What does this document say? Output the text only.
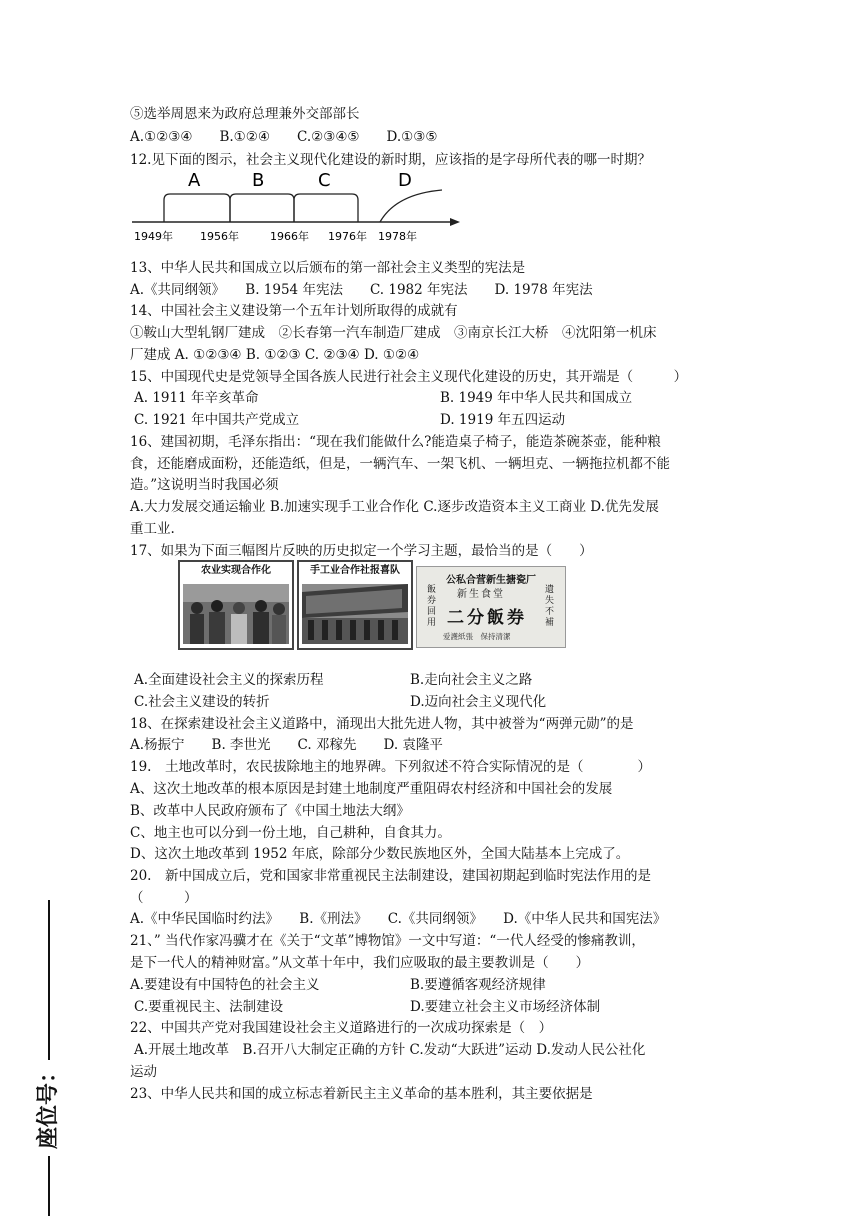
⑤选举周恩来为政府总理兼外交部部长
A.①②③④　　B.①②④　　C.②③④⑤　　D.①③⑤
12.见下面的图示，社会主义现代化建设的新时期，应该指的是字母所代表的哪一时期？
A	B	C	D
1949年 1956年	1966年 1976年 1978年
13、中华人民共和国成立以后颁布的第一部社会主义类型的宪法是
A.《共同纲领》　　B. 1954 年宪法　　C. 1982 年宪法　　D. 1978 年宪法
14、中国社会主义建设第一个五年计划所取得的成就有
①鞍山大型轧钢厂建成　②长春第一汽车制造厂建成　③南京长江大桥　④沈阳第一机床
厂建成 A. ①②③④ B. ①②③ C. ②③④ D. ①②④
15、中国现代史是党领导全国各族人民进行社会主义现代化建设的历史，其开端是（　　　）
A. 1911 年辛亥革命	B. 1949 年中华人民共和国成立
C. 1921 年中国共产党成立	D. 1919 年五四运动
16、建国初期，毛泽东指出：“现在我们能做什么?能造桌子椅子，能造茶碗茶壶，能种粮
食，还能磨成面粉，还能造纸，但是，一辆汽车、一架飞机、一辆坦克、一辆拖拉机都不能
造。”这说明当时我国必须
A.大力发展交通运输业 B.加速实现手工业合作化 C.逐步改造资本主义工商业 D.优先发展
重工业.
17、如果为下面三幅图片反映的历史拟定一个学习主题，最恰当的是（　　）
农业实现合作化	手工业合作社报喜队
公私合营新生搪瓷厂
新生食堂
飯券回用
遺失不補
二分飯券
爱護紙張　保持清潔
A.全面建设社会主义的探索历程	B.走向社会主义之路
C.社会主义建设的转折	D.迈向社会主义现代化
18、在探索建设社会主义道路中，涌现出大批先进人物，其中被誉为“两弹元勋”的是
A.杨振宁　　B. 李世光　　C. 邓稼先　　D. 袁隆平
19.　土地改革时，农民拔除地主的地界碑。下列叙述不符合实际情况的是（　　　　）
A、这次土地改革的根本原因是封建土地制度严重阻碍农村经济和中国社会的发展
B、改革中人民政府颁布了《中国土地法大纲》
C、地主也可以分到一份土地，自己耕种，自食其力。
D、这次土地改革到 1952 年底，除部分少数民族地区外，全国大陆基本上完成了。
20.　新中国成立后，党和国家非常重视民主法制建设，建国初期起到临时宪法作用的是
（　　　）
A.《中华民国临时约法》　　B.《刑法》　　C.《共同纲领》　　D.《中华人民共和国宪法》
21、” 当代作家冯骥才在《关于“文革”博物馆》一文中写道：“一代人经受的惨痛教训，
是下一代人的精神财富。”从文革十年中，我们应吸取的最主要教训是（　　）
A.要建设有中国特色的社会主义	B.要遵循客观经济规律
C.要重视民主、法制建设	D.要建立社会主义市场经济体制
22、中国共产党对我国建设社会主义道路进行的一次成功探索是（　）
A.开展土地改革　B.召开八大制定正确的方针 C.发动“大跃进”运动 D.发动人民公社化
运动
23、中华人民共和国的成立标志着新民主主义革命的基本胜利，其主要依据是
座位号：
